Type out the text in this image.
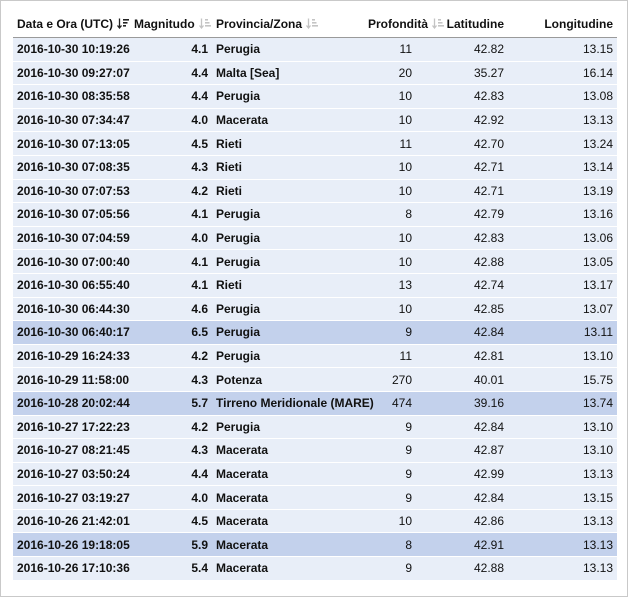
Data e Ora (UTC)	Magnitudo	Provincia/Zona	Profondità	Latitudine	Longitudine
2016-10-30 10:19:26	4.1	Perugia	11	42.82	13.15
2016-10-30 09:27:07	4.4	Malta [Sea]	20	35.27	16.14
2016-10-30 08:35:58	4.4	Perugia	10	42.83	13.08
2016-10-30 07:34:47	4.0	Macerata	10	42.92	13.13
2016-10-30 07:13:05	4.5	Rieti	11	42.70	13.24
2016-10-30 07:08:35	4.3	Rieti	10	42.71	13.14
2016-10-30 07:07:53	4.2	Rieti	10	42.71	13.19
2016-10-30 07:05:56	4.1	Perugia	8	42.79	13.16
2016-10-30 07:04:59	4.0	Perugia	10	42.83	13.06
2016-10-30 07:00:40	4.1	Perugia	10	42.88	13.05
2016-10-30 06:55:40	4.1	Rieti	13	42.74	13.17
2016-10-30 06:44:30	4.6	Perugia	10	42.85	13.07
2016-10-30 06:40:17	6.5	Perugia	9	42.84	13.11
2016-10-29 16:24:33	4.2	Perugia	11	42.81	13.10
2016-10-29 11:58:00	4.3	Potenza	270	40.01	15.75
2016-10-28 20:02:44	5.7	Tirreno Meridionale (MARE)	474	39.16	13.74
2016-10-27 17:22:23	4.2	Perugia	9	42.84	13.10
2016-10-27 08:21:45	4.3	Macerata	9	42.87	13.10
2016-10-27 03:50:24	4.4	Macerata	9	42.99	13.13
2016-10-27 03:19:27	4.0	Macerata	9	42.84	13.15
2016-10-26 21:42:01	4.5	Macerata	10	42.86	13.13
2016-10-26 19:18:05	5.9	Macerata	8	42.91	13.13
2016-10-26 17:10:36	5.4	Macerata	9	42.88	13.13
